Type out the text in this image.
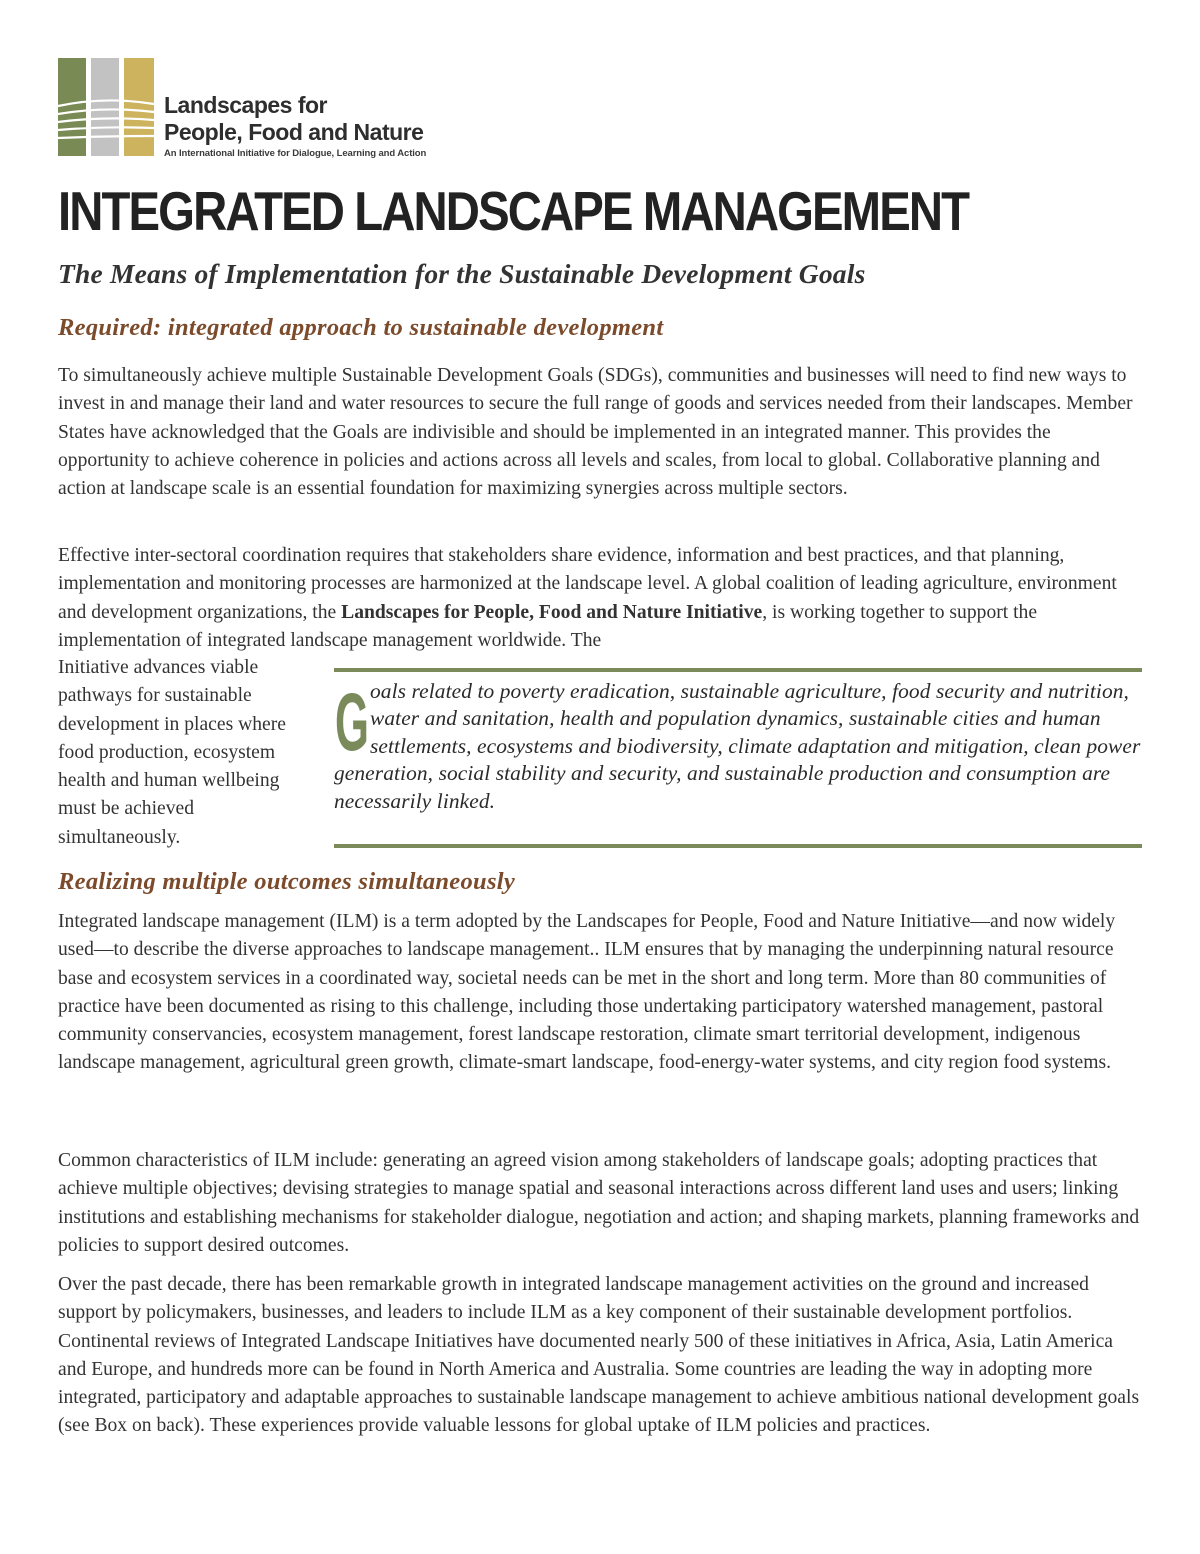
Landscapes for
People, Food and Nature
An International Initiative for Dialogue, Learning and Action
INTEGRATED LANDSCAPE MANAGEMENT
The Means of Implementation for the Sustainable Development Goals
Required: integrated approach to sustainable development

To simultaneously achieve multiple Sustainable Development Goals (SDGs), communities and businesses will need to find new ways to invest in and manage their land and water resources to secure the full range of goods and services needed from their landscapes. Member States have acknowledged that the Goals are indivisible and should be implemented in an integrated manner. This provides the opportunity to achieve coherence in policies and actions across all levels and scales, from local to global. Collaborative planning and action at landscape scale is an essential foundation for maximizing synergies across multiple sectors.

Effective inter-sectoral coordination requires that stakeholders share evidence, information and best practices, and that planning, implementation and monitoring processes are harmonized at the landscape level. A global coalition of leading agriculture, environment and development organizations, the Landscapes for People, Food and Nature Initiative, is working together to support the implementation of integrated landscape management worldwide. The

Initiative advances viable pathways for sustainable development in places where food production, ecosystem health and human wellbeing must be achieved simultaneously.

G oals related to poverty eradication, sustainable agriculture, food security and nutrition, water and sanitation, health and population dynamics, sustainable cities and human settlements, ecosystems and biodiversity, climate adaptation and mitigation, clean power generation, social stability and security, and sustainable production and consumption are necessarily linked.

Realizing multiple outcomes simultaneously

Integrated landscape management (ILM) is a term adopted by the Landscapes for People, Food and Nature Initiative—and now widely used—to describe the diverse approaches to landscape management.. ILM ensures that by managing the underpinning natural resource base and ecosystem services in a coordinated way, societal needs can be met in the short and long term. More than 80 communities of practice have been documented as rising to this challenge, including those undertaking participatory watershed management, pastoral community conservancies, ecosystem management, forest landscape restoration, climate smart territorial development, indigenous landscape management, agricultural green growth, climate-smart landscape, food-energy-water systems, and city region food systems.

Common characteristics of ILM include: generating an agreed vision among stakeholders of landscape goals; adopting practices that achieve multiple objectives; devising strategies to manage spatial and seasonal interactions across different land uses and users; linking institutions and establishing mechanisms for stakeholder dialogue, negotiation and action; and shaping markets, planning frameworks and policies to support desired outcomes.

Over the past decade, there has been remarkable growth in integrated landscape management activities on the ground and increased support by policymakers, businesses, and leaders to include ILM as a key component of their sustainable development portfolios. Continental reviews of Integrated Landscape Initiatives have documented nearly 500 of these initiatives in Africa, Asia, Latin America and Europe, and hundreds more can be found in North America and Australia. Some countries are leading the way in adopting more integrated, participatory and adaptable approaches to sustainable landscape management to achieve ambitious national development goals (see Box on back). These experiences provide valuable lessons for global uptake of ILM policies and practices.
